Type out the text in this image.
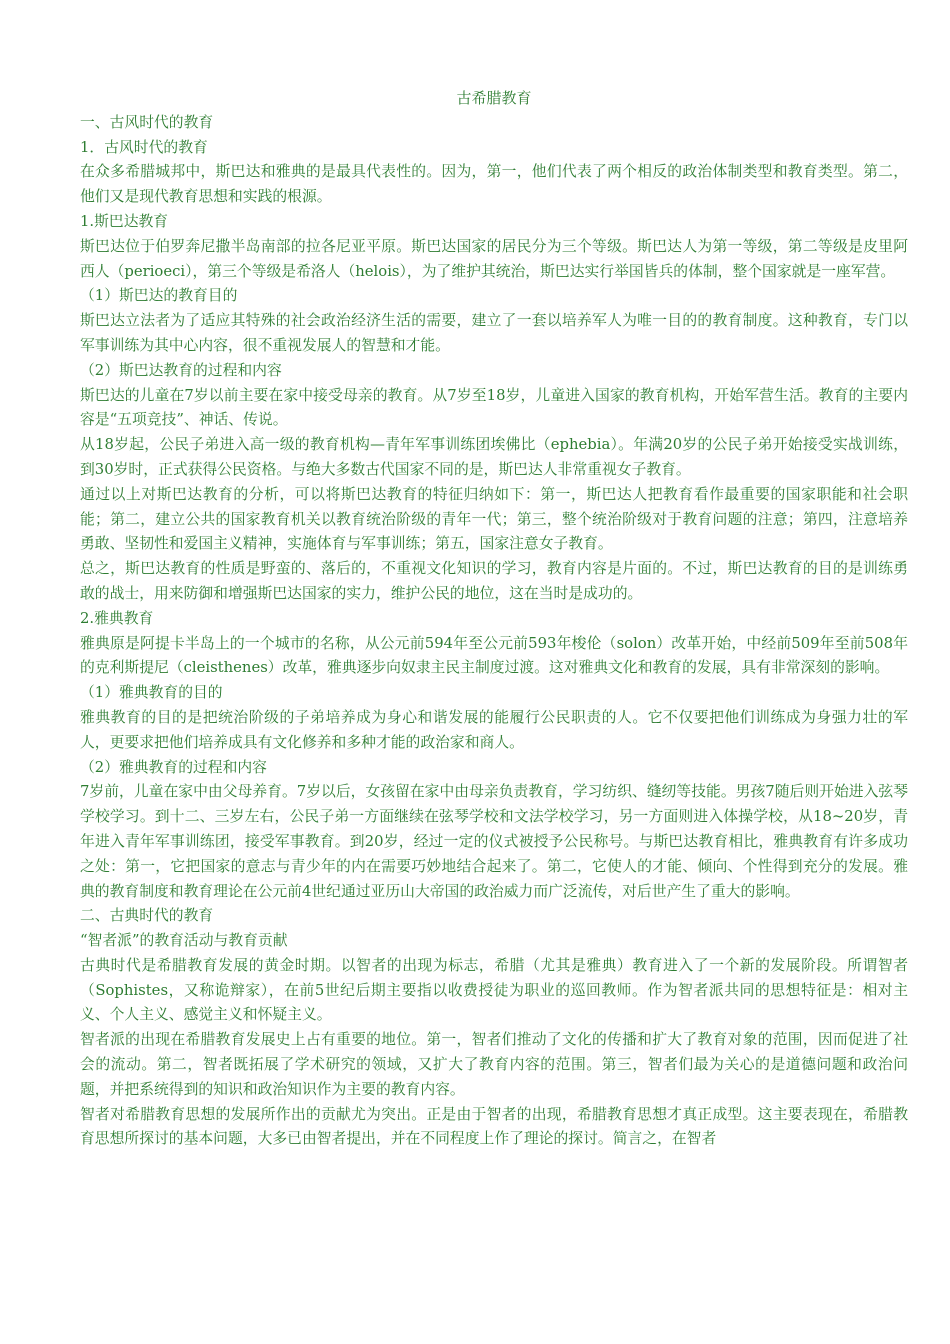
古希腊教育
一、古风时代的教育
1．古风时代的教育
在众多希腊城邦中，斯巴达和雅典的是最具代表性的。因为，第一，他们代表了两个相反的政治体制类型和教育类型。第二，他们又是现代教育思想和实践的根源。
1.斯巴达教育
斯巴达位于伯罗奔尼撒半岛南部的拉各尼亚平原。斯巴达国家的居民分为三个等级。斯巴达人为第一等级，第二等级是皮里阿西人（perioeci），第三个等级是希洛人（helois），为了维护其统治，斯巴达实行举国皆兵的体制，整个国家就是一座军营。
（1）斯巴达的教育目的
斯巴达立法者为了适应其特殊的社会政治经济生活的需要，建立了一套以培养军人为唯一目的的教育制度。这种教育，专门以军事训练为其中心内容，很不重视发展人的智慧和才能。
（2）斯巴达教育的过程和内容
斯巴达的儿童在7岁以前主要在家中接受母亲的教育。从7岁至18岁，儿童进入国家的教育机构，开始军营生活。教育的主要内容是“五项竞技”、神话、传说。
从18岁起，公民子弟进入高一级的教育机构—青年军事训练团埃佛比（ephebia）。年满20岁的公民子弟开始接受实战训练，到30岁时，正式获得公民资格。与绝大多数古代国家不同的是，斯巴达人非常重视女子教育。
通过以上对斯巴达教育的分析，可以将斯巴达教育的特征归纳如下：第一，斯巴达人把教育看作最重要的国家职能和社会职能；第二，建立公共的国家教育机关以教育统治阶级的青年一代；第三，整个统治阶级对于教育问题的注意；第四，注意培养勇敢、坚韧性和爱国主义精神，实施体育与军事训练；第五，国家注意女子教育。
总之，斯巴达教育的性质是野蛮的、落后的，不重视文化知识的学习，教育内容是片面的。不过，斯巴达教育的目的是训练勇敢的战士，用来防御和增强斯巴达国家的实力，维护公民的地位，这在当时是成功的。
2.雅典教育
雅典原是阿提卡半岛上的一个城市的名称，从公元前594年至公元前593年梭伦（solon）改革开始，中经前509年至前508年的克利斯提尼（cleisthenes）改革，雅典逐步向奴隶主民主制度过渡。这对雅典文化和教育的发展，具有非常深刻的影响。
（1）雅典教育的目的
雅典教育的目的是把统治阶级的子弟培养成为身心和谐发展的能履行公民职责的人。它不仅要把他们训练成为身强力壮的军人，更要求把他们培养成具有文化修养和多种才能的政治家和商人。
（2）雅典教育的过程和内容
7岁前，儿童在家中由父母养育。7岁以后，女孩留在家中由母亲负责教育，学习纺织、缝纫等技能。男孩7随后则开始进入弦琴学校学习。到十二、三岁左右，公民子弟一方面继续在弦琴学校和文法学校学习，另一方面则进入体操学校，从18~20岁，青年进入青年军事训练团，接受军事教育。到20岁，经过一定的仪式被授予公民称号。与斯巴达教育相比，雅典教育有许多成功之处：第一，它把国家的意志与青少年的内在需要巧妙地结合起来了。第二，它使人的才能、倾向、个性得到充分的发展。雅典的教育制度和教育理论在公元前4世纪通过亚历山大帝国的政治威力而广泛流传，对后世产生了重大的影响。
二、古典时代的教育
“智者派”的教育活动与教育贡献
古典时代是希腊教育发展的黄金时期。以智者的出现为标志，希腊（尤其是雅典）教育进入了一个新的发展阶段。所谓智者（Sophistes，又称诡辩家），在前5世纪后期主要指以收费授徒为职业的巡回教师。作为智者派共同的思想特征是：相对主义、个人主义、感觉主义和怀疑主义。
智者派的出现在希腊教育发展史上占有重要的地位。第一，智者们推动了文化的传播和扩大了教育对象的范围，因而促进了社会的流动。第二，智者既拓展了学术研究的领域，又扩大了教育内容的范围。第三，智者们最为关心的是道德问题和政治问题，并把系统得到的知识和政治知识作为主要的教育内容。
智者对希腊教育思想的发展所作出的贡献尤为突出。正是由于智者的出现，希腊教育思想才真正成型。这主要表现在，希腊教育思想所探讨的基本问题，大多已由智者提出，并在不同程度上作了理论的探讨。简言之，在智者
